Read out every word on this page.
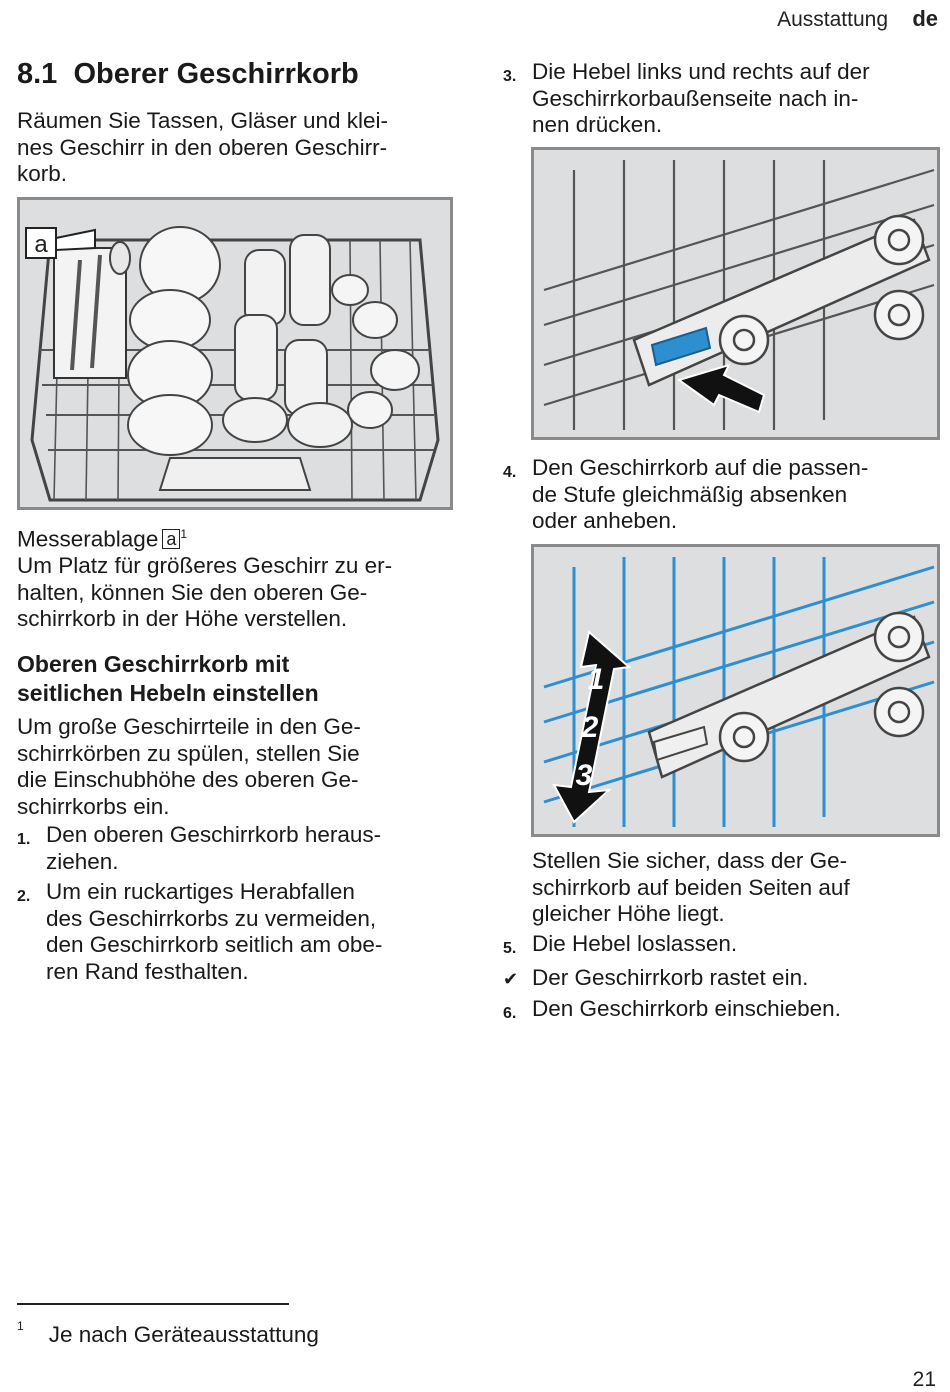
Ausstattung de
8.1 Oberer Geschirrkorb

Räumen Sie Tassen, Gläser und klei-
nes Geschirr in den oberen Geschirr-
korb.

a
Messerablage a $^1$

Um Platz für größeres Geschirr zu er-
halten, können Sie den oberen Ge-
schirrkorb in der Höhe verstellen.

Oberen Geschirrkorb mit
seitlichen Hebeln einstellen

Um große Geschirrteile in den Ge-
schirrkörben zu spülen, stellen Sie
die Einschubhöhe des oberen Ge-
schirrkorbs ein.

1. Den oberen Geschirrkorb heraus-
ziehen.
2. Um ein ruckartiges Herabfallen
des Geschirrkorbs zu vermeiden,
den Geschirrkorb seitlich am obe-
ren Rand festhalten.
3. Die Hebel links und rechts auf der
Geschirrkorbaußenseite nach in-
nen drücken.
4. Den Geschirrkorb auf die passen-
de Stufe gleichmäßig absenken
oder anheben.
1
2
3

Stellen Sie sicher, dass der Ge-
schirrkorb auf beiden Seiten auf
gleicher Höhe liegt.

5. Die Hebel loslassen.
✔ Der Geschirrkorb rastet ein.
6. Den Geschirrkorb einschieben.
$^1$ Je nach Geräteausstattung
21
